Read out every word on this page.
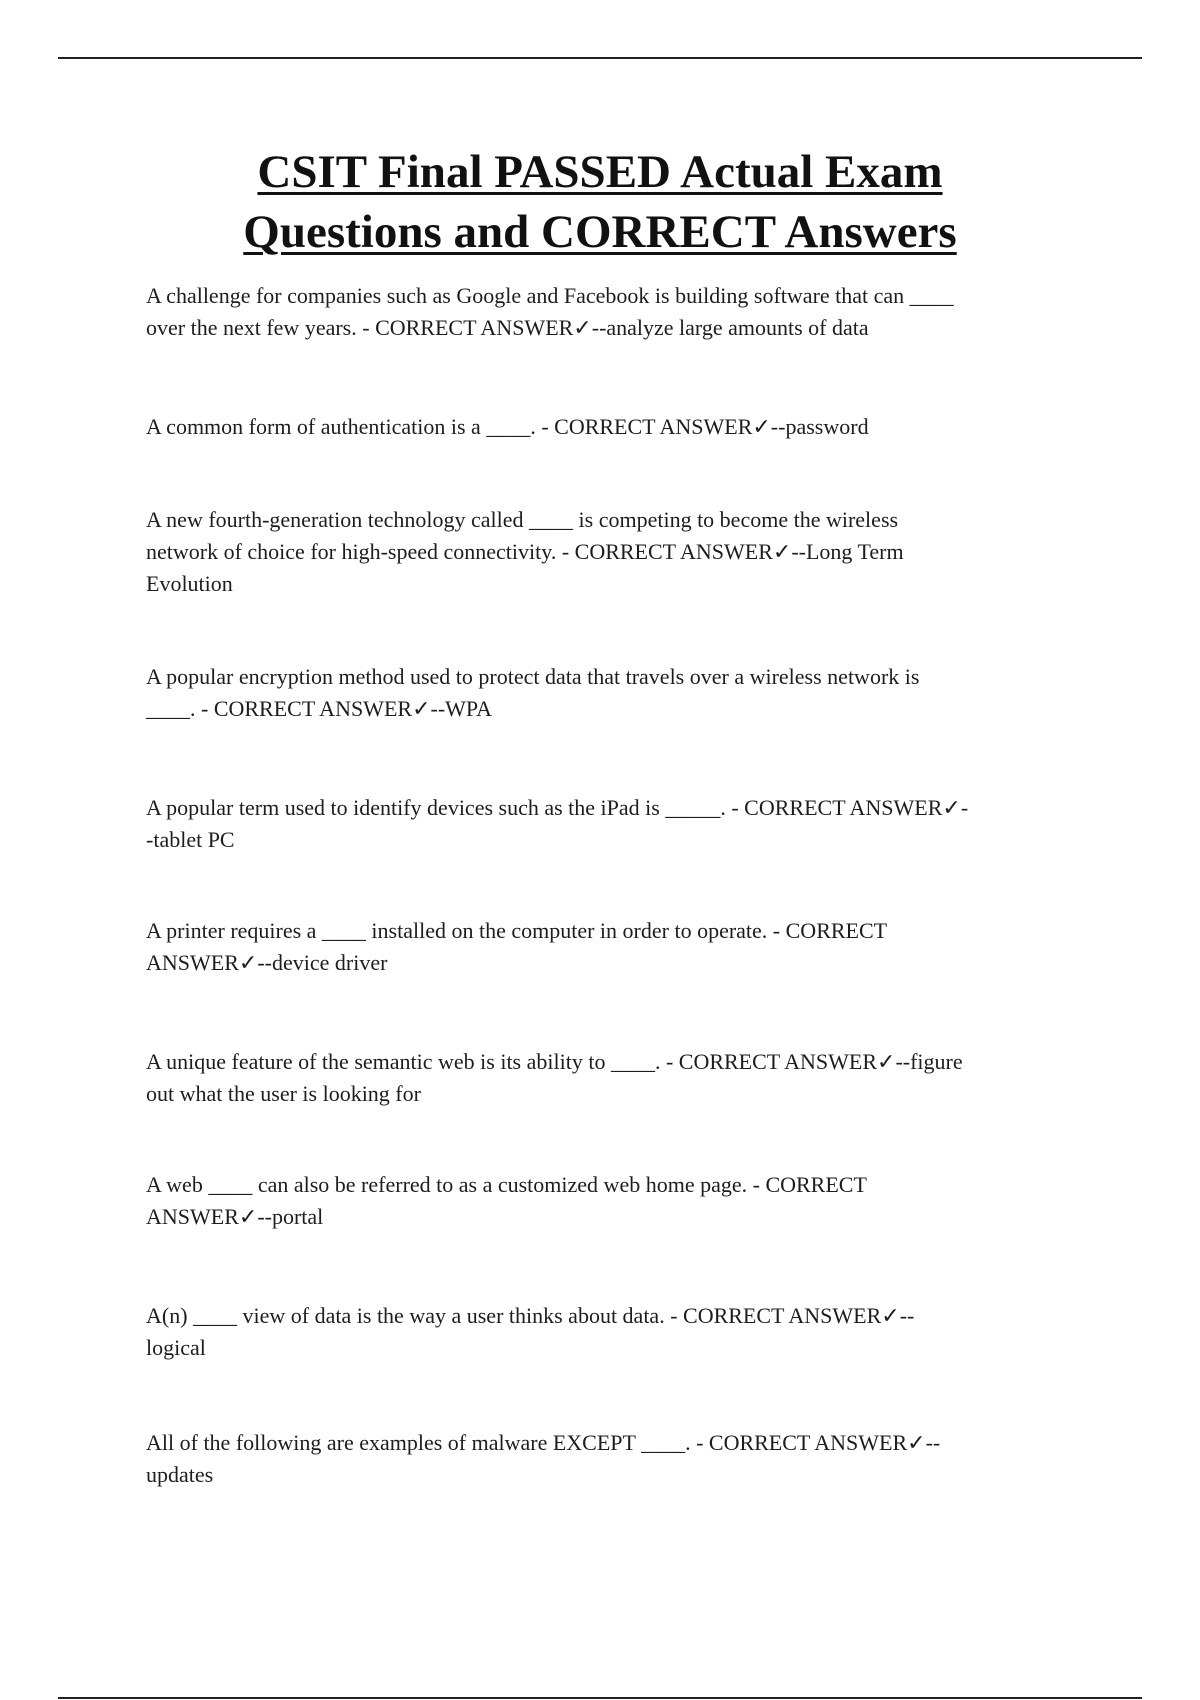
CSIT Final PASSED Actual Exam
Questions and CORRECT Answers
A challenge for companies such as Google and Facebook is building software that can ____
over the next few years. - CORRECT ANSWER✓--analyze large amounts of data
A common form of authentication is a ____. - CORRECT ANSWER✓--password
A new fourth-generation technology called ____ is competing to become the wireless
network of choice for high-speed connectivity. - CORRECT ANSWER✓--Long Term
Evolution
A popular encryption method used to protect data that travels over a wireless network is
____. - CORRECT ANSWER✓--WPA
A popular term used to identify devices such as the iPad is _____. - CORRECT ANSWER✓-
-tablet PC
A printer requires a ____ installed on the computer in order to operate. - CORRECT
ANSWER✓--device driver
A unique feature of the semantic web is its ability to ____. - CORRECT ANSWER✓--figure
out what the user is looking for
A web ____ can also be referred to as a customized web home page. - CORRECT
ANSWER✓--portal
A(n) ____ view of data is the way a user thinks about data. - CORRECT ANSWER✓--
logical
All of the following are examples of malware EXCEPT ____. - CORRECT ANSWER✓--
updates
